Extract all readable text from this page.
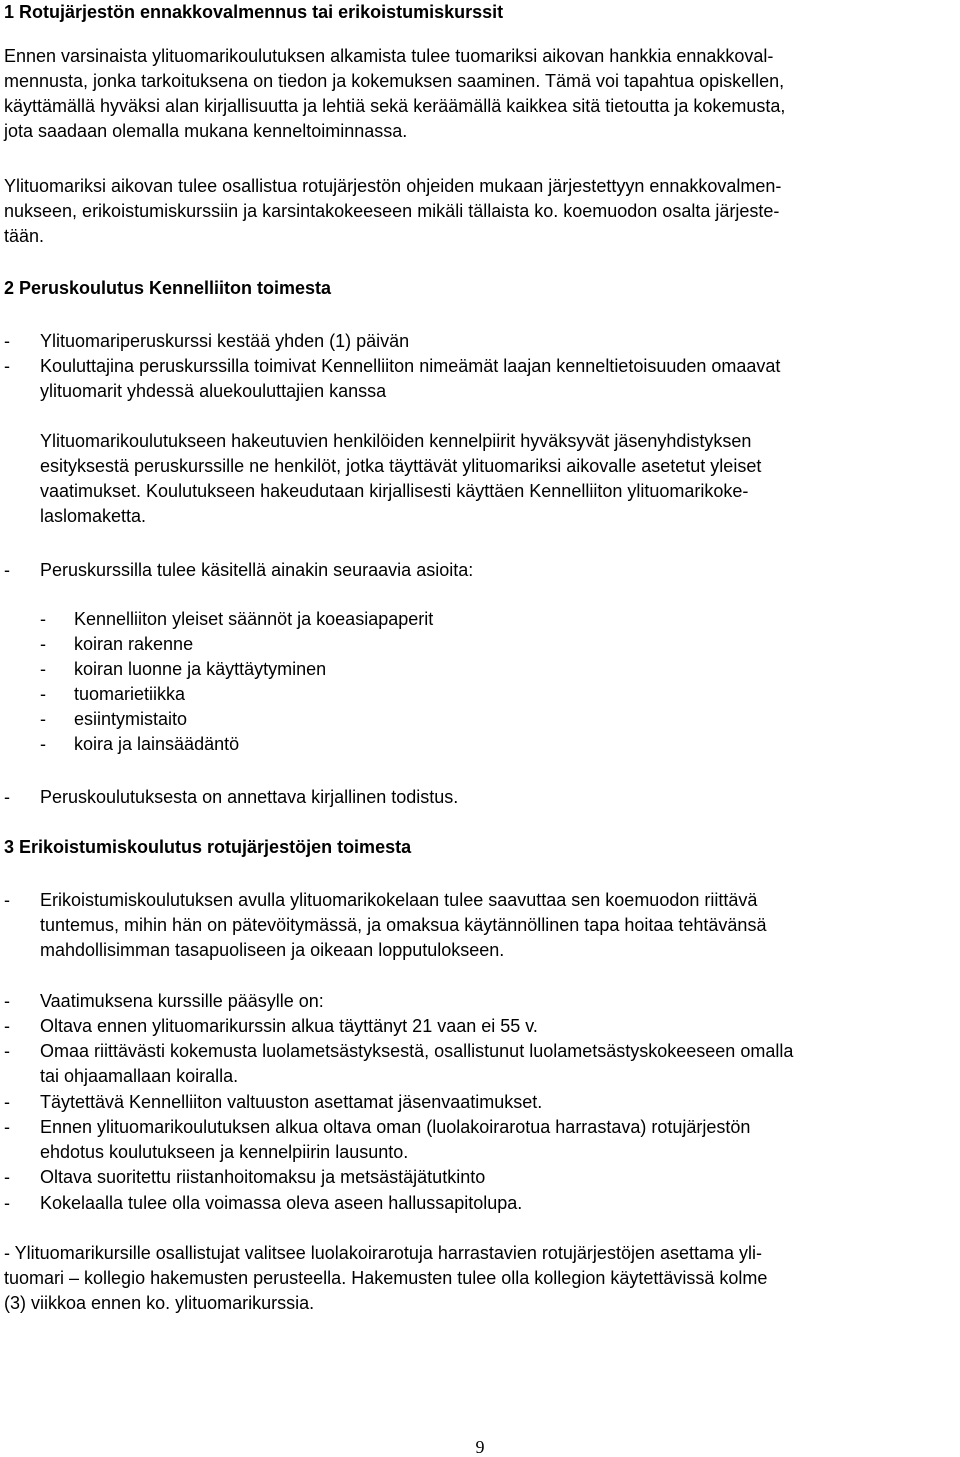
1 Rotujärjestön ennakkovalmennus tai erikoistumiskurssit
Ennen varsinaista ylituomarikoulutuksen alkamista tulee tuomariksi aikovan hankkia ennakkoval-
mennusta, jonka tarkoituksena on tiedon ja kokemuksen saaminen. Tämä voi tapahtua opiskellen,
käyttämällä hyväksi alan kirjallisuutta ja lehtiä sekä keräämällä kaikkea sitä tietoutta ja kokemusta,
jota saadaan olemalla mukana kenneltoiminnassa.
Ylituomariksi aikovan tulee osallistua rotujärjestön ohjeiden mukaan järjestettyyn ennakkovalmen-
nukseen, erikoistumiskurssiin ja karsintakokeeseen mikäli tällaista ko. koemuodon osalta järjeste-
tään.
2 Peruskoulutus Kennelliiton toimesta
- Ylituomariperuskurssi kestää yhden (1) päivän
- Kouluttajina peruskurssilla toimivat Kennelliiton nimeämät laajan kenneltietoisuuden omaavat
ylituomarit yhdessä aluekouluttajien kanssa
Ylituomarikoulutukseen hakeutuvien henkilöiden kennelpiirit hyväksyvät jäsenyhdistyksen
esityksestä peruskurssille ne henkilöt, jotka täyttävät ylituomariksi aikovalle asetetut yleiset
vaatimukset. Koulutukseen hakeudutaan kirjallisesti käyttäen Kennelliiton ylituomarikoke-
laslomaketta.
- Peruskurssilla tulee käsitellä ainakin seuraavia asioita:
- Kennelliiton yleiset säännöt ja koeasiapaperit
- koiran rakenne
- koiran luonne ja käyttäytyminen
- tuomarietiikka
- esiintymistaito
- koira ja lainsäädäntö
- Peruskoulutuksesta on annettava kirjallinen todistus.
3 Erikoistumiskoulutus rotujärjestöjen toimesta
- Erikoistumiskoulutuksen avulla ylituomarikokelaan tulee saavuttaa sen koemuodon riittävä
tuntemus, mihin hän on pätevöitymässä, ja omaksua käytännöllinen tapa hoitaa tehtävänsä
mahdollisimman tasapuoliseen ja oikeaan lopputulokseen.
- Vaatimuksena kurssille pääsylle on:
- Oltava ennen ylituomarikurssin alkua täyttänyt 21 vaan ei 55 v.
- Omaa riittävästi kokemusta luolametsästyksestä, osallistunut luolametsästyskokeeseen omalla
tai ohjaamallaan koiralla.
- Täytettävä Kennelliiton valtuuston asettamat jäsenvaatimukset.
- Ennen ylituomarikoulutuksen alkua oltava oman (luolakoirarotua harrastava) rotujärjestön
ehdotus koulutukseen ja kennelpiirin lausunto.
- Oltava suoritettu riistanhoitomaksu ja metsästäjätutkinto
- Kokelaalla tulee olla voimassa oleva aseen hallussapitolupa.
- Ylituomarikursille osallistujat valitsee luolakoirarotuja harrastavien rotujärjestöjen asettama yli-
tuomari – kollegio hakemusten perusteella. Hakemusten tulee olla kollegion käytettävissä kolme
(3) viikkoa ennen ko. ylituomarikurssia.
9
